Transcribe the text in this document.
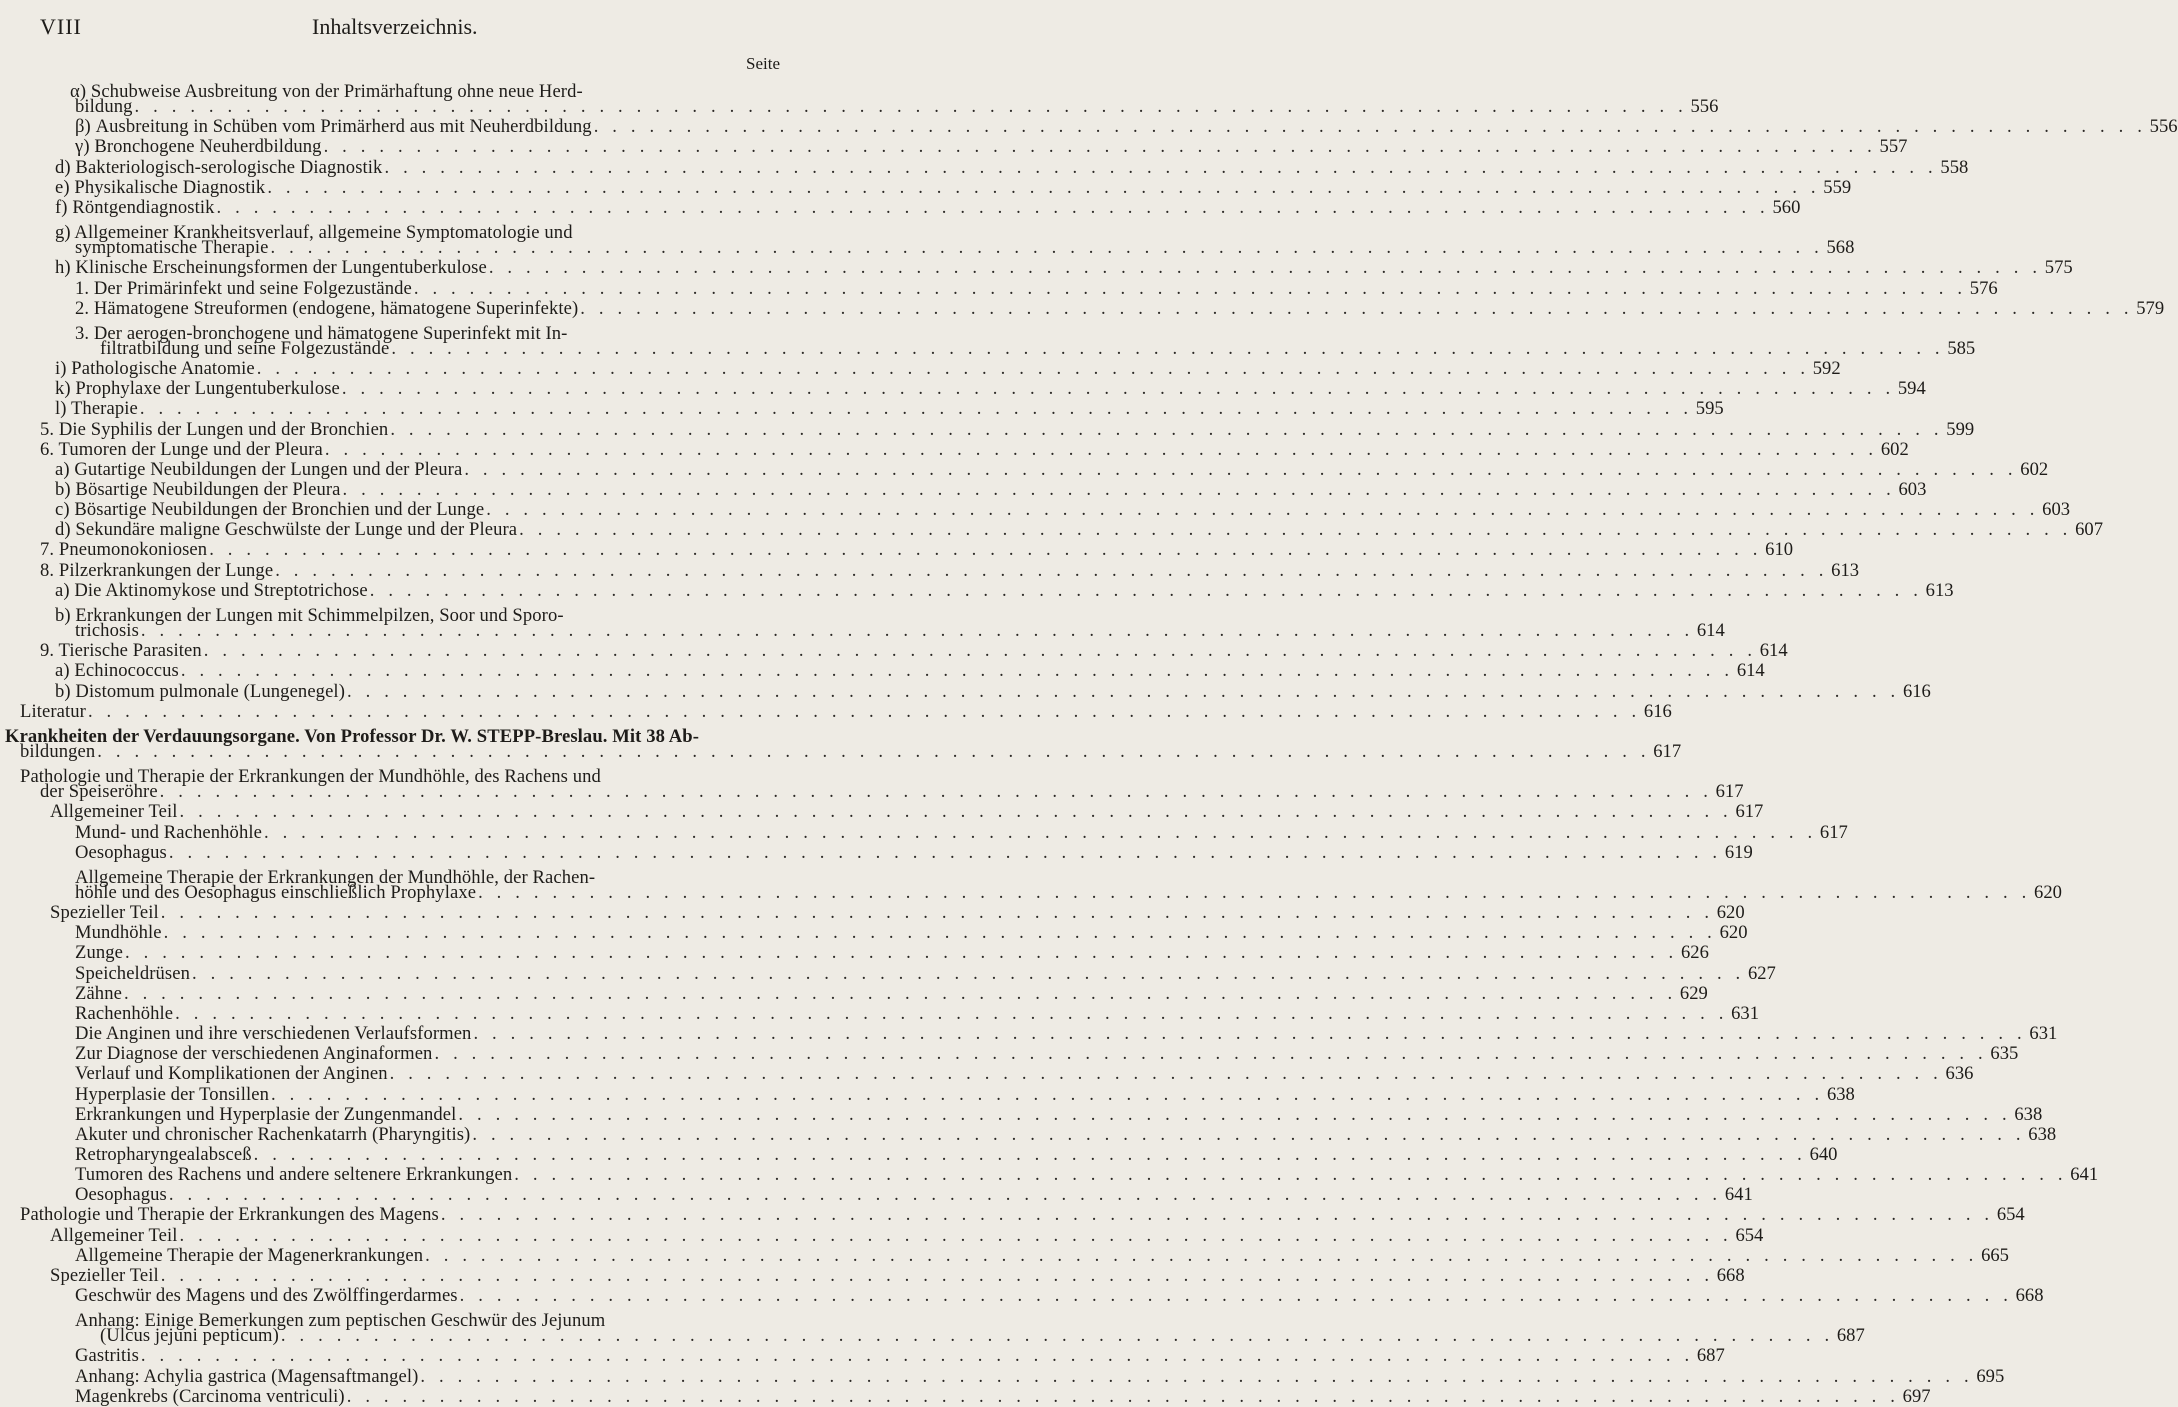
VIII	Inhaltsverzeichnis.
Seite
α) Schubweise Ausbreitung von der Primärhaftung ohne neue Herd-
bildung . . .	556
β) Ausbreitung in Schüben vom Primärherd aus mit Neuherdbildung . . .	556
γ) Bronchogene Neuherdbildung . . .	557
d) Bakteriologisch-serologische Diagnostik . . .	558
e) Physikalische Diagnostik . . .	559
f) Röntgendiagnostik . . .	560
g) Allgemeiner Krankheitsverlauf, allgemeine Symptomatologie und
symptomatische Therapie . . .	568
h) Klinische Erscheinungsformen der Lungentuberkulose . . .	575
1. Der Primärinfekt und seine Folgezustände . . .	576
2. Hämatogene Streuformen (endogene, hämatogene Superinfekte) . . .	579
3. Der aerogen-bronchogene und hämatogene Superinfekt mit In-
filtratbildung und seine Folgezustände . . .	585
i) Pathologische Anatomie . . .	592
k) Prophylaxe der Lungentuberkulose . . .	594
l) Therapie . . .	595
5. Die Syphilis der Lungen und der Bronchien . . .	599
6. Tumoren der Lunge und der Pleura . . .	602
a) Gutartige Neubildungen der Lungen und der Pleura . . .	602
b) Bösartige Neubildungen der Pleura . . .	603
c) Bösartige Neubildungen der Bronchien und der Lunge . . .	603
d) Sekundäre maligne Geschwülste der Lunge und der Pleura . . .	607
7. Pneumonokoniosen . . .	610
8. Pilzerkrankungen der Lunge . . .	613
a) Die Aktinomykose und Streptotrichose . . .	613
b) Erkrankungen der Lungen mit Schimmelpilzen, Soor und Sporo-
trichosis . . .	614
9. Tierische Parasiten . . .	614
a) Echinococcus . . .	614
b) Distomum pulmonale (Lungenegel) . . .	616
Literatur . . .	616
Krankheiten der Verdauungsorgane. Von Professor Dr. W. STEPP-Breslau. Mit 38 Ab-
bildungen . . .	617
Pathologie und Therapie der Erkrankungen der Mundhöhle, des Rachens und
der Speiseröhre . . .	617
Allgemeiner Teil . . .	617
Mund- und Rachenhöhle . . .	617
Oesophagus . . .	619
Allgemeine Therapie der Erkrankungen der Mundhöhle, der Rachen-
höhle und des Oesophagus einschließlich Prophylaxe . . .	620
Spezieller Teil . . .	620
Mundhöhle . . .	620
Zunge . . .	626
Speicheldrüsen . . .	627
Zähne . . .	629
Rachenhöhle . . .	631
Die Anginen und ihre verschiedenen Verlaufsformen . . .	631
Zur Diagnose der verschiedenen Anginaformen . . .	635
Verlauf und Komplikationen der Anginen . . .	636
Hyperplasie der Tonsillen . . .	638
Erkrankungen und Hyperplasie der Zungenmandel . . .	638
Akuter und chronischer Rachenkatarrh (Pharyngitis) . . .	638
Retropharyngealabsceß . . .	640
Tumoren des Rachens und andere seltenere Erkrankungen . . .	641
Oesophagus . . .	641
Pathologie und Therapie der Erkrankungen des Magens . . .	654
Allgemeiner Teil . . .	654
Allgemeine Therapie der Magenerkrankungen . . .	665
Spezieller Teil . . .	668
Geschwür des Magens und des Zwölffingerdarmes . . .	668
Anhang: Einige Bemerkungen zum peptischen Geschwür des Jejunum
(Ulcus jejuni pepticum) . . .	687
Gastritis . . .	687
Anhang: Achylia gastrica (Magensaftmangel) . . .	695
Magenkrebs (Carcinoma ventriculi) . . .	697
